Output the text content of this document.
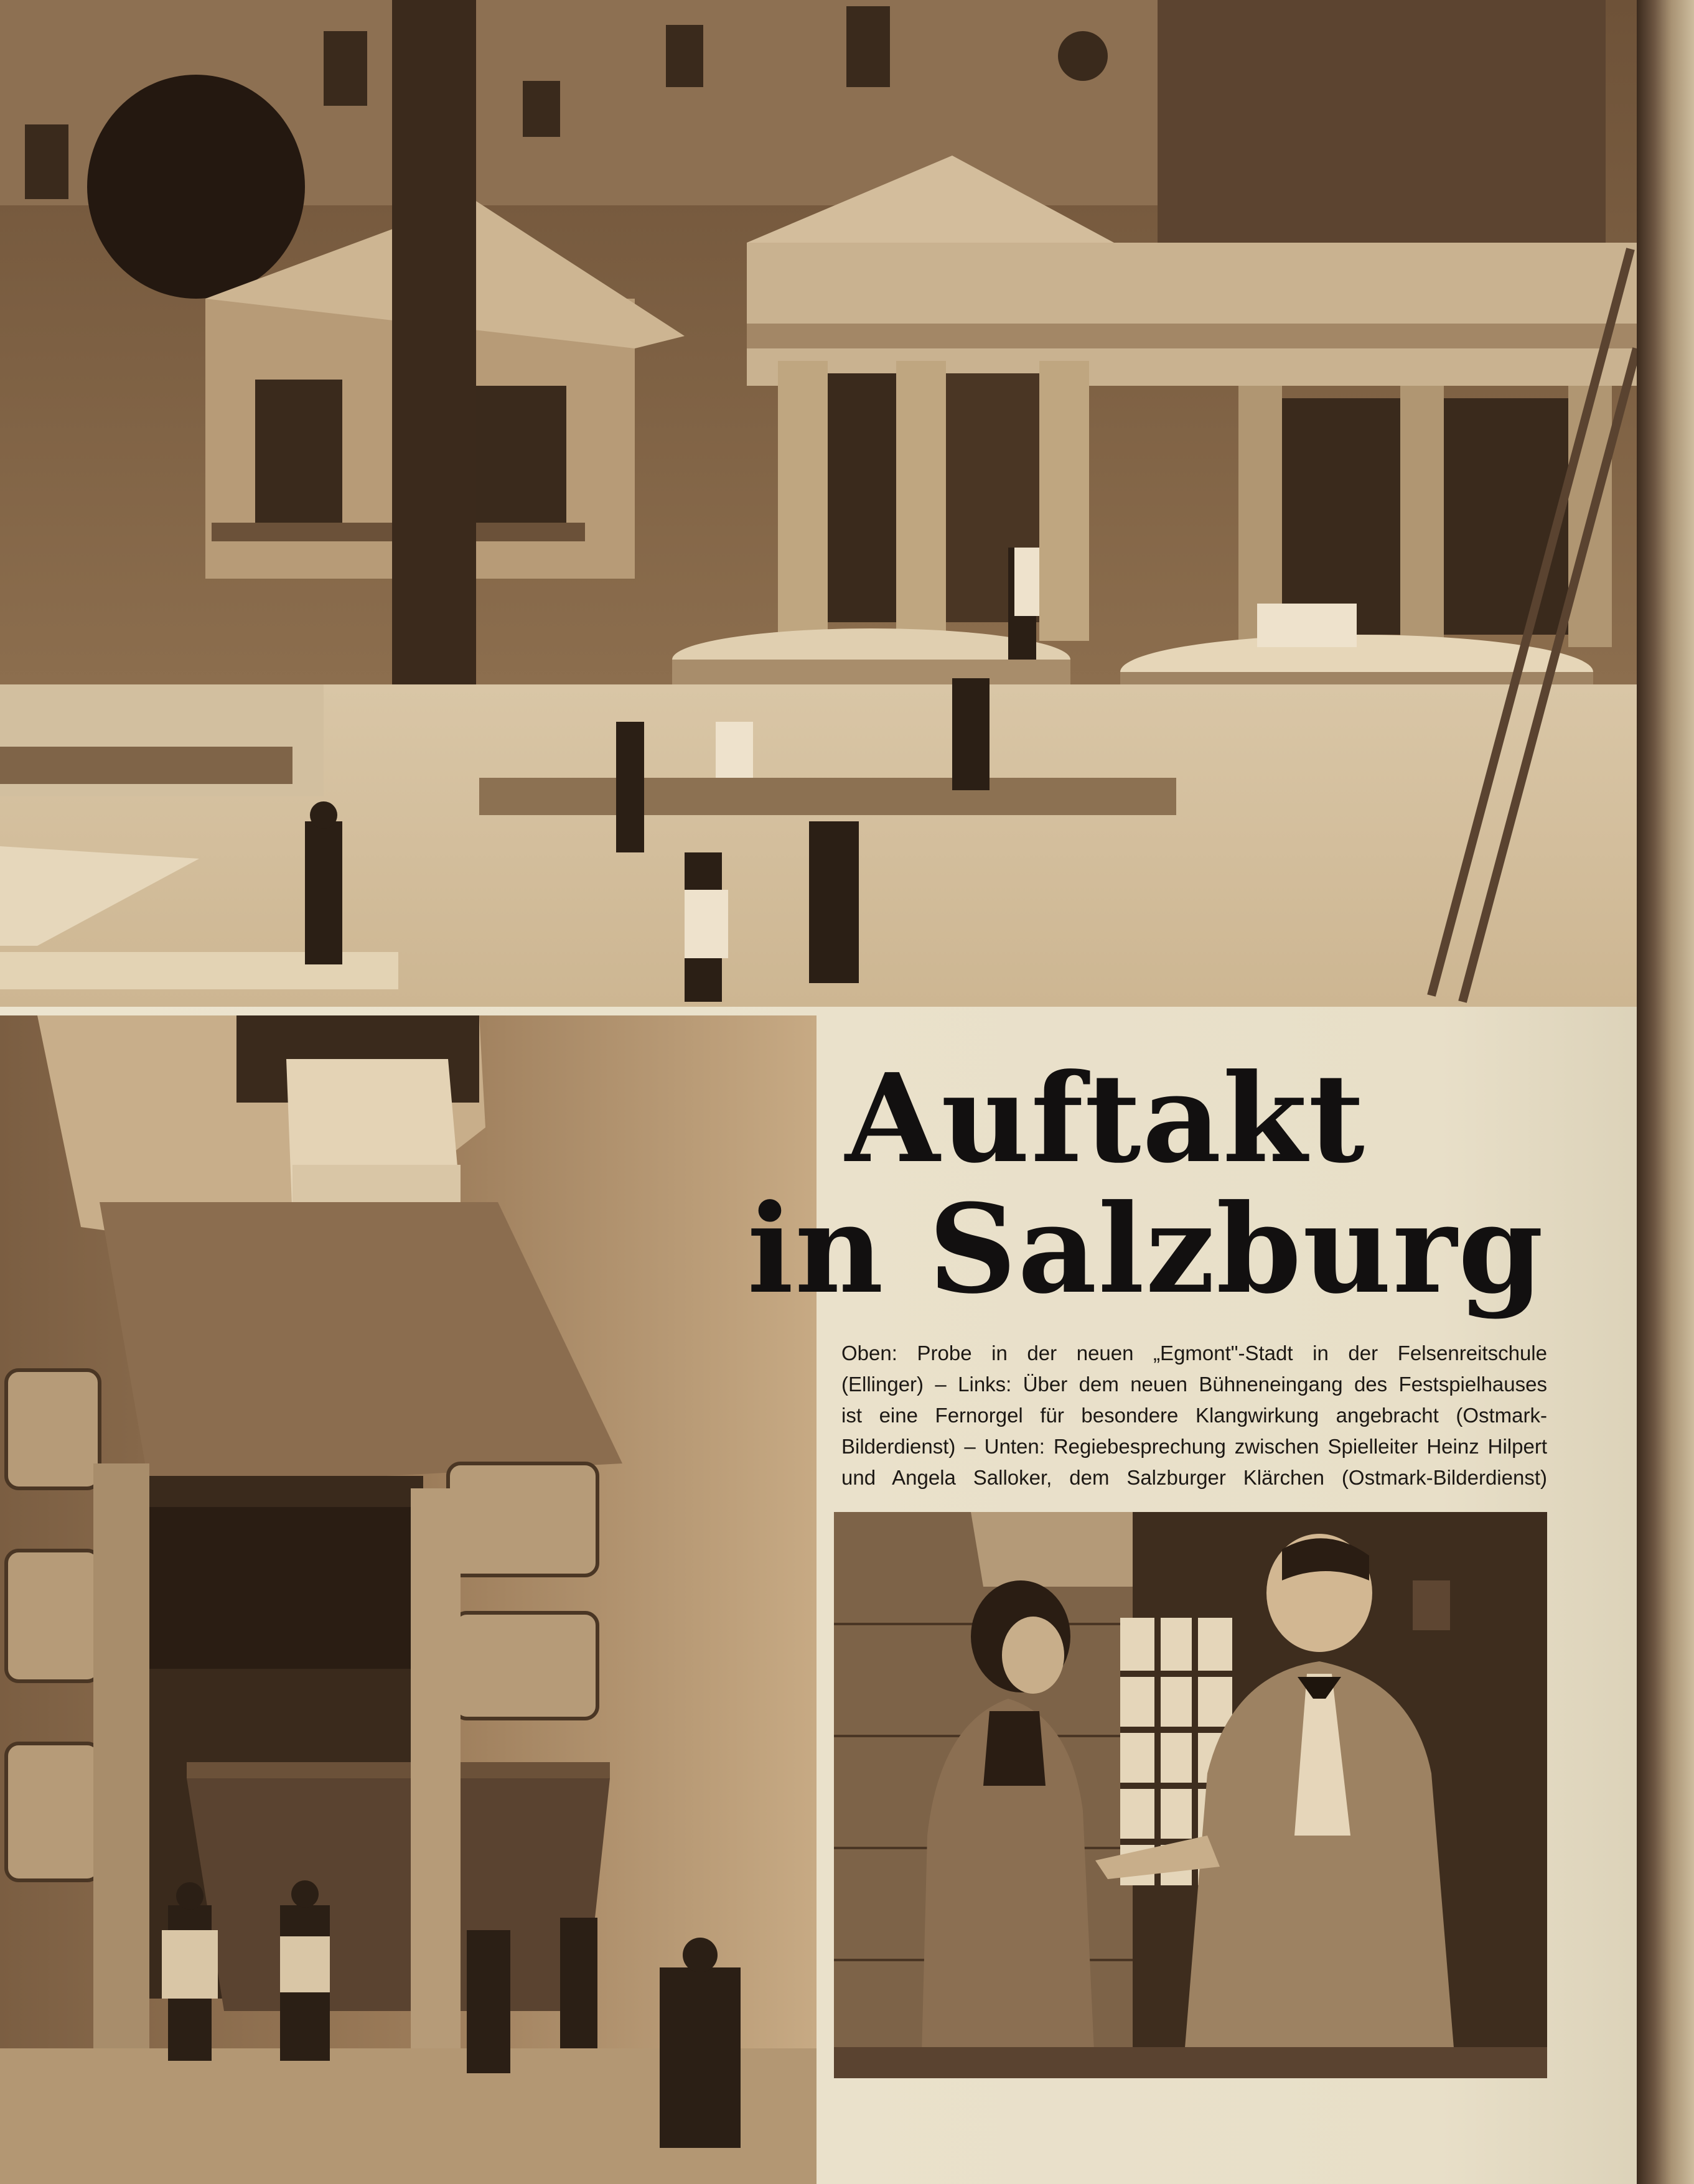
Auftakt
in Salzburg
Oben: Probe in der neuen „Egmont"-Stadt in der Felsenreitschule
(Ellinger) – Links: Über dem neuen Bühneneingang des Festspielhauses
ist eine Fernorgel für besondere Klangwirkung angebracht (Ostmark-
Bilderdienst) – Unten: Regiebesprechung zwischen Spielleiter Heinz Hilpert
und Angela Salloker, dem Salzburger Klärchen (Ostmark-Bilderdienst)
